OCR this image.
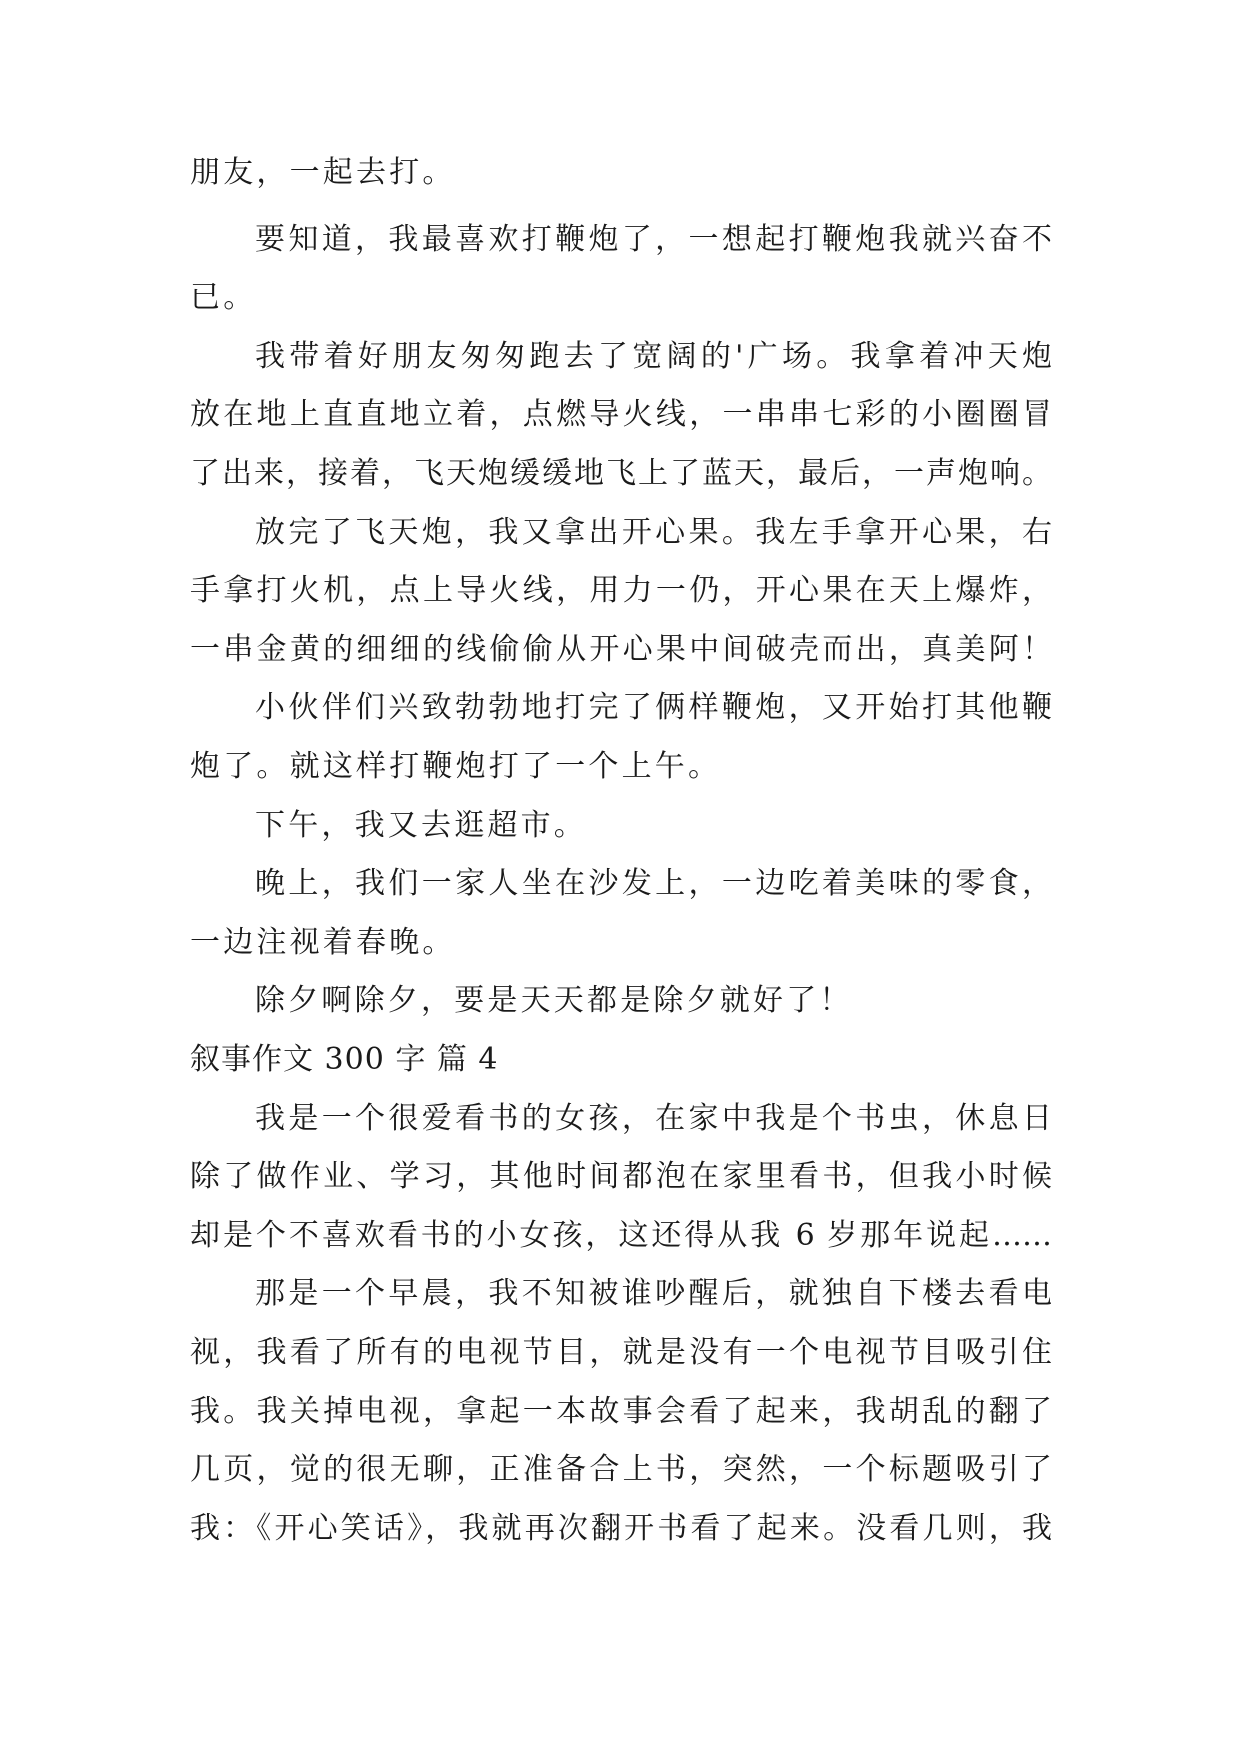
朋友，一起去打。
要知道，我最喜欢打鞭炮了，一想起打鞭炮我就兴奋不
已。
我带着好朋友匆匆跑去了宽阔的'广场。我拿着冲天炮
放在地上直直地立着，点燃导火线，一串串七彩的小圈圈冒
了出来，接着，飞天炮缓缓地飞上了蓝天，最后，一声炮响。
放完了飞天炮，我又拿出开心果。我左手拿开心果，右
手拿打火机，点上导火线，用力一仍，开心果在天上爆炸，
一串金黄的细细的线偷偷从开心果中间破壳而出，真美阿！
小伙伴们兴致勃勃地打完了俩样鞭炮，又开始打其他鞭
炮了。就这样打鞭炮打了一个上午。
下午，我又去逛超市。
晚上，我们一家人坐在沙发上，一边吃着美味的零食，
一边注视着春晚。
除夕啊除夕，要是天天都是除夕就好了！
叙事作文 300 字 篇 4
我是一个很爱看书的女孩，在家中我是个书虫，休息日
除了做作业、学习，其他时间都泡在家里看书，但我小时候
却是个不喜欢看书的小女孩，这还得从我 6 岁那年说起……
那是一个早晨，我不知被谁吵醒后，就独自下楼去看电
视，我看了所有的电视节目，就是没有一个电视节目吸引住
我。我关掉电视，拿起一本故事会看了起来，我胡乱的翻了
几页，觉的很无聊，正准备合上书，突然，一个标题吸引了
我：《开心笑话》，我就再次翻开书看了起来。没看几则，我
